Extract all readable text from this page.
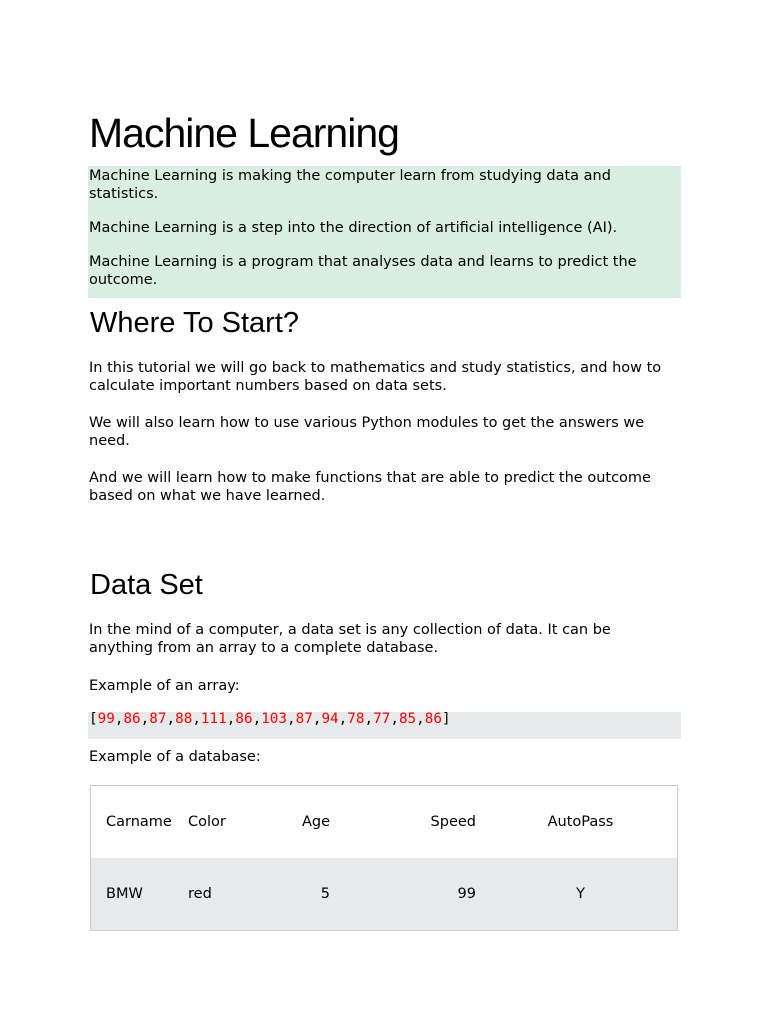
Machine Learning

Machine Learning is making the computer learn from studying data and statistics.

Machine Learning is a step into the direction of artificial intelligence (AI).

Machine Learning is a program that analyses data and learns to predict the outcome.

Where To Start?

In this tutorial we will go back to mathematics and study statistics, and how to calculate important numbers based on data sets.

We will also learn how to use various Python modules to get the answers we need.

And we will learn how to make functions that are able to predict the outcome based on what we have learned.

Data Set

In the mind of a computer, a data set is any collection of data. It can be anything from an array to a complete database.

Example of an array:

[99,86,87,88,111,86,103,87,94,78,77,85,86]

Example of a database:

Carname	Color	Age	Speed	AutoPass
BMW	red	5	99	Y
